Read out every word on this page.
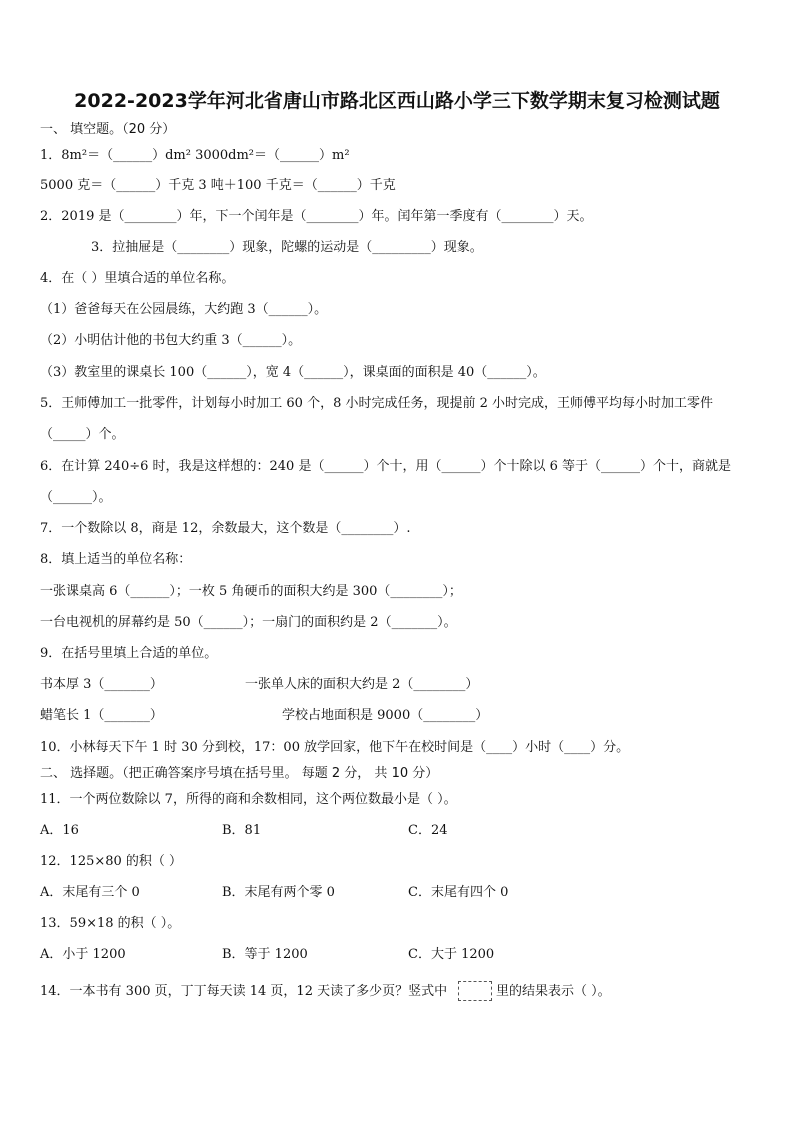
2022-2023学年河北省唐山市路北区西山路小学三下数学期末复习检测试题
一、 填空题。（20 分）
1．8m²＝（______）dm² 3000dm²＝（______）m²
5000 克＝（______）千克 3 吨＋100 千克＝（______）千克
2．2019 是（________）年，下一个闰年是（________）年。闰年第一季度有（________）天。
3．拉抽屉是（________）现象，陀螺的运动是（_________）现象。
4．在（ ）里填合适的单位名称。
（1）爸爸每天在公园晨练，大约跑 3（______）。
（2）小明估计他的书包大约重 3（______）。
（3）教室里的课桌长 100（______），宽 4（______），课桌面的面积是 40（______）。
5．王师傅加工一批零件，计划每小时加工 60 个，8 小时完成任务，现提前 2 小时完成，王师傅平均每小时加工零件
（_____）个。
6．在计算 240÷6 时，我是这样想的：240 是（______）个十，用（______）个十除以 6 等于（______）个十，商就是
（______）。
7．一个数除以 8，商是 12，余数最大，这个数是（________）.
8．填上适当的单位名称：
一张课桌高 6（______）；一枚 5 角硬币的面积大约是 300（________）；
一台电视机的屏幕约是 50（______）；一扇门的面积约是 2（_______）。
9．在括号里填上合适的单位。
书本厚 3（_______）	一张单人床的面积大约是 2（________）
蜡笔长 1（_______）	学校占地面积是 9000（________）
10．小林每天下午 1 时 30 分到校，17：00 放学回家，他下午在校时间是（____）小时（____）分。
二、 选择题。（把正确答案序号填在括号里。 每题 2 分， 共 10 分）
11．一个两位数除以 7，所得的商和余数相同，这个两位数最小是（ ）。
A．16	B．81	C．24
12．125×80 的积（ ）
A．末尾有三个 0	B．末尾有两个零 0	C．末尾有四个 0
13．59×18 的积（ ）。
A．小于 1200	B．等于 1200	C．大于 1200
14．一本书有 300 页，丁丁每天读 14 页，12 天读了多少页？竖式中	里的结果表示（ ）。
